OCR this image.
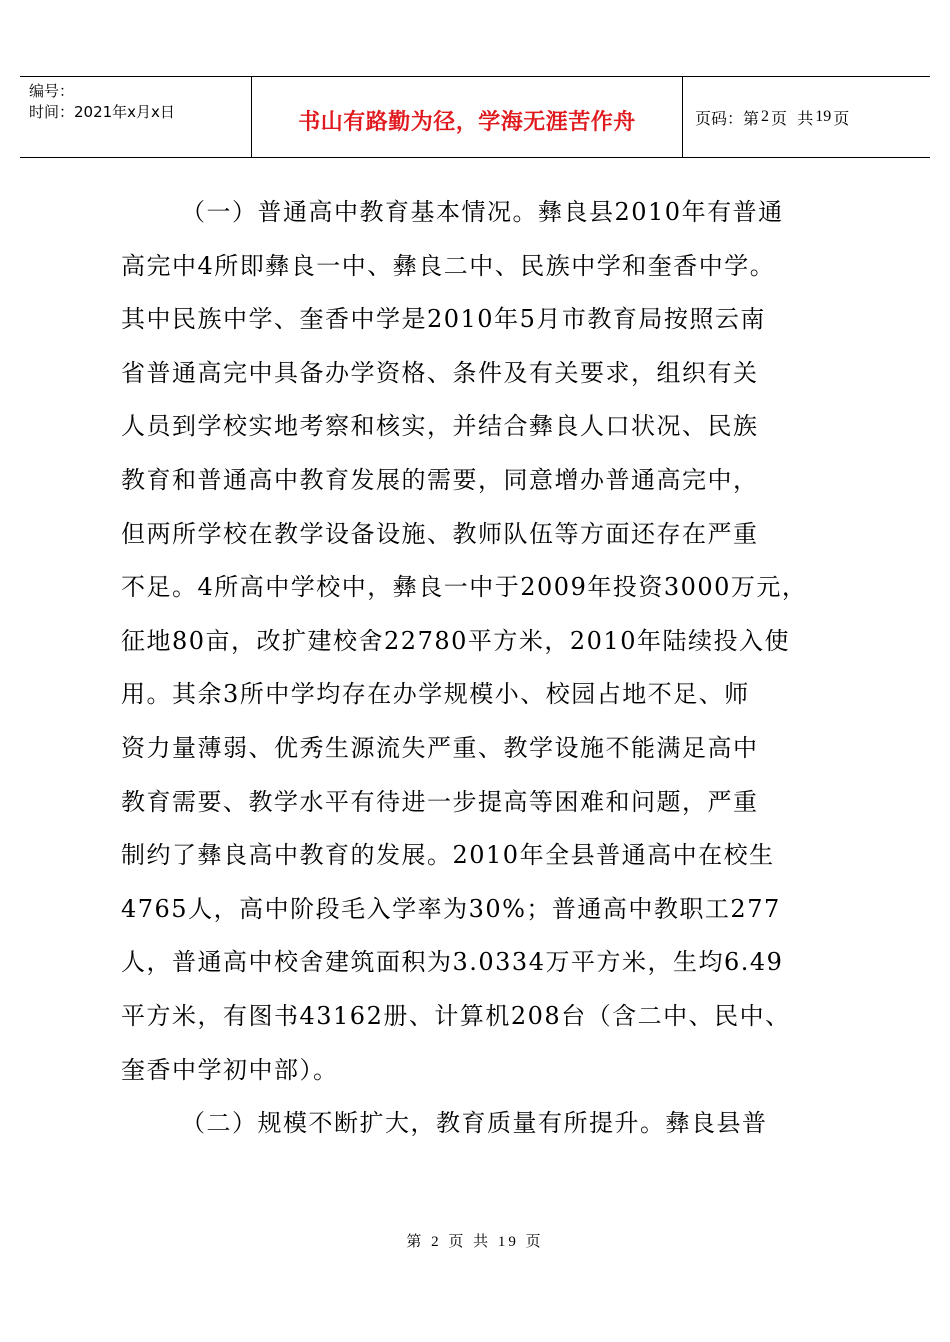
编号：
时间：2021年x月x日	书山有路勤为径，学海无涯苦作舟	页码：第 2 页  共 19 页
（一）普通高中教育基本情况。彝良县2010年有普通
高完中4所即彝良一中、彝良二中、民族中学和奎香中学。
其中民族中学、奎香中学是2010年5月市教育局按照云南
省普通高完中具备办学资格、条件及有关要求，组织有关
人员到学校实地考察和核实，并结合彝良人口状况、民族
教育和普通高中教育发展的需要，同意增办普通高完中，
但两所学校在教学设备设施、教师队伍等方面还存在严重
不足。4所高中学校中，彝良一中于2009年投资3000万元，
征地80亩，改扩建校舍22780平方米，2010年陆续投入使
用。其余3所中学均存在办学规模小、校园占地不足、师
资力量薄弱、优秀生源流失严重、教学设施不能满足高中
教育需要、教学水平有待进一步提高等困难和问题，严重
制约了彝良高中教育的发展。2010年全县普通高中在校生
4765人，高中阶段毛入学率为30%；普通高中教职工277
人，普通高中校舍建筑面积为3.0334万平方米，生均6.49
平方米，有图书43162册、计算机208台（含二中、民中、
奎香中学初中部）。
（二）规模不断扩大，教育质量有所提升。彝良县普
第 2 页 共 19 页
